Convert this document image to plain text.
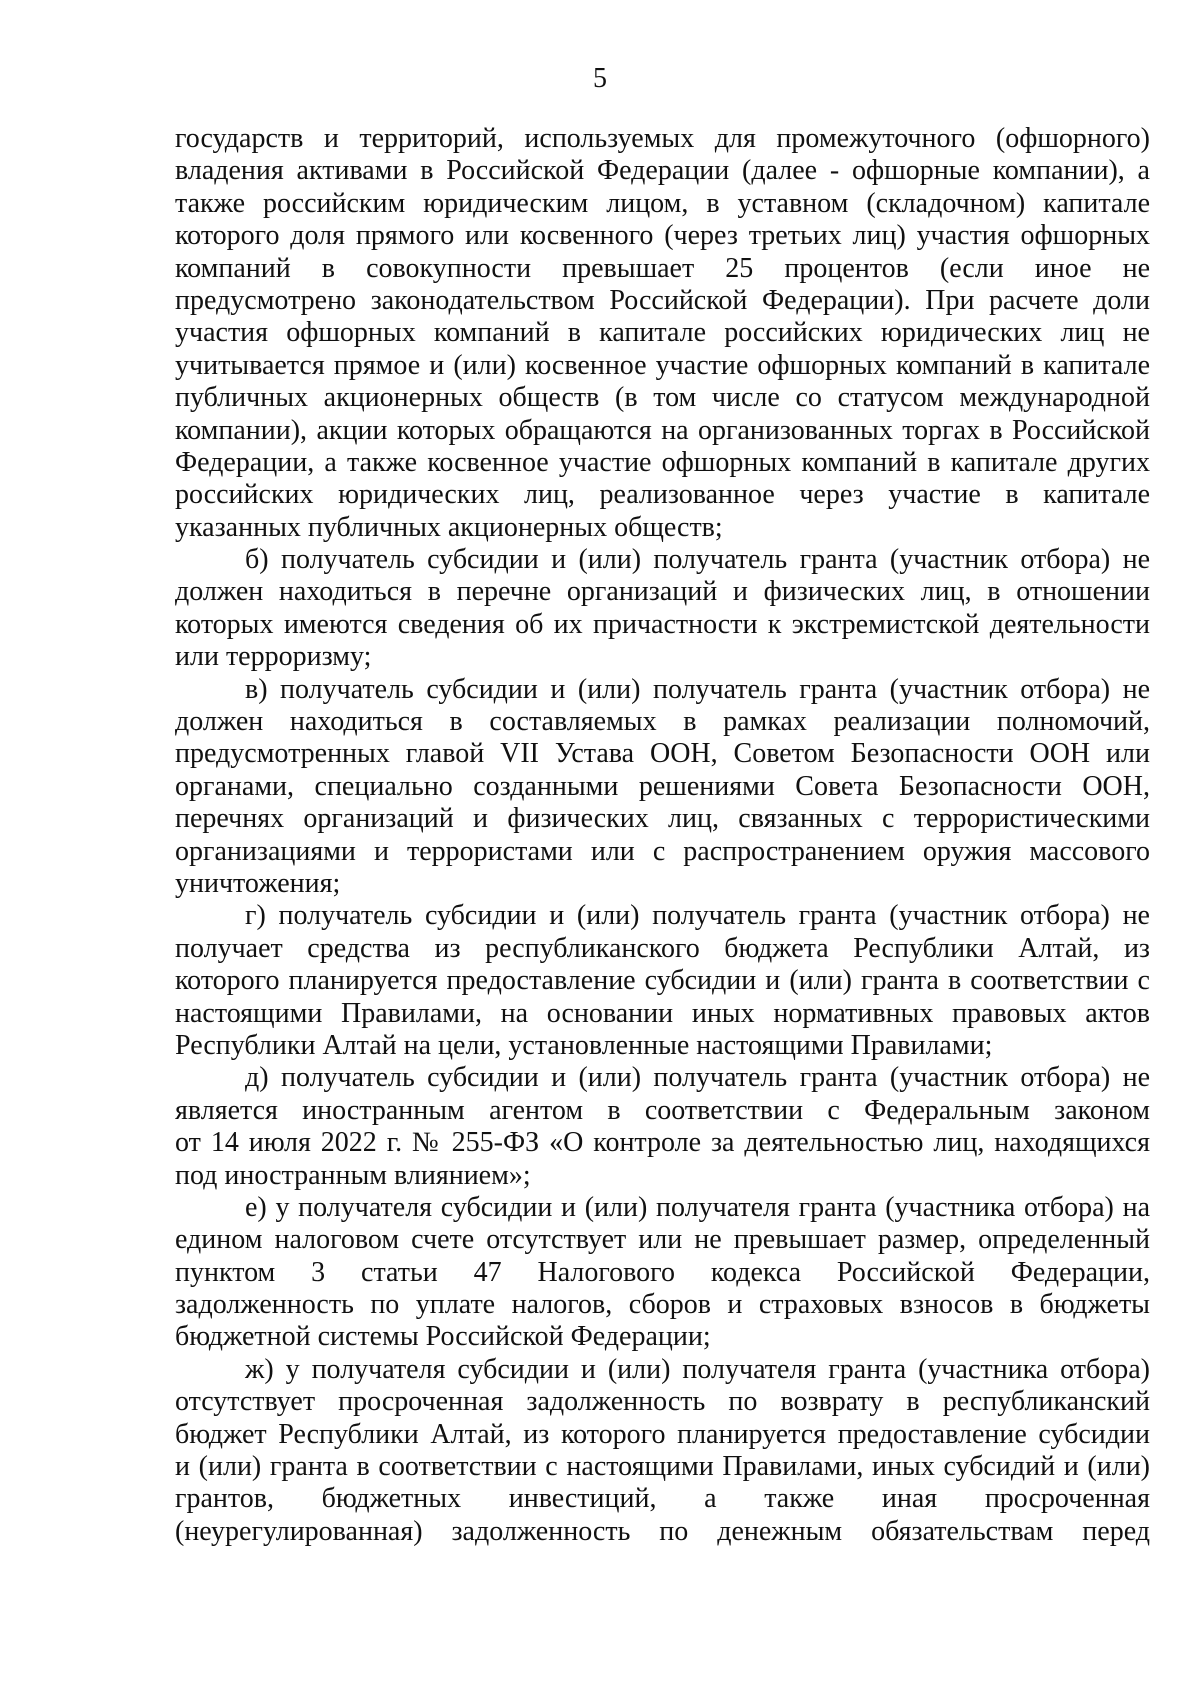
5
государств и территорий, используемых для промежуточного (офшорного)
владения активами в Российской Федерации (далее - офшорные компании), а
также российским юридическим лицом, в уставном (складочном) капитале
которого доля прямого или косвенного (через третьих лиц) участия офшорных
компаний в совокупности превышает 25 процентов (если иное не
предусмотрено законодательством Российской Федерации). При расчете доли
участия офшорных компаний в капитале российских юридических лиц не
учитывается прямое и (или) косвенное участие офшорных компаний в капитале
публичных акционерных обществ (в том числе со статусом международной
компании), акции которых обращаются на организованных торгах в Российской
Федерации, а также косвенное участие офшорных компаний в капитале других
российских юридических лиц, реализованное через участие в капитале
указанных публичных акционерных обществ;
б) получатель субсидии и (или) получатель гранта (участник отбора) не
должен находиться в перечне организаций и физических лиц, в отношении
которых имеются сведения об их причастности к экстремистской деятельности
или терроризму;
в) получатель субсидии и (или) получатель гранта (участник отбора) не
должен находиться в составляемых в рамках реализации полномочий,
предусмотренных главой VII Устава ООН, Советом Безопасности ООН или
органами, специально созданными решениями Совета Безопасности ООН,
перечнях организаций и физических лиц, связанных с террористическими
организациями и террористами или с распространением оружия массового
уничтожения;
г) получатель субсидии и (или) получатель гранта (участник отбора) не
получает средства из республиканского бюджета Республики Алтай, из
которого планируется предоставление субсидии и (или) гранта в соответствии с
настоящими Правилами, на основании иных нормативных правовых актов
Республики Алтай на цели, установленные настоящими Правилами;
д) получатель субсидии и (или) получатель гранта (участник отбора) не
является иностранным агентом в соответствии с Федеральным законом
от 14 июля 2022 г. № 255-ФЗ «О контроле за деятельностью лиц, находящихся
под иностранным влиянием»;
е) у получателя субсидии и (или) получателя гранта (участника отбора) на
едином налоговом счете отсутствует или не превышает размер, определенный
пунктом 3 статьи 47 Налогового кодекса Российской Федерации,
задолженность по уплате налогов, сборов и страховых взносов в бюджеты
бюджетной системы Российской Федерации;
ж) у получателя субсидии и (или) получателя гранта (участника отбора)
отсутствует просроченная задолженность по возврату в республиканский
бюджет Республики Алтай, из которого планируется предоставление субсидии
и (или) гранта в соответствии с настоящими Правилами, иных субсидий и (или)
грантов, бюджетных инвестиций, а также иная просроченная
(неурегулированная) задолженность по денежным обязательствам перед
